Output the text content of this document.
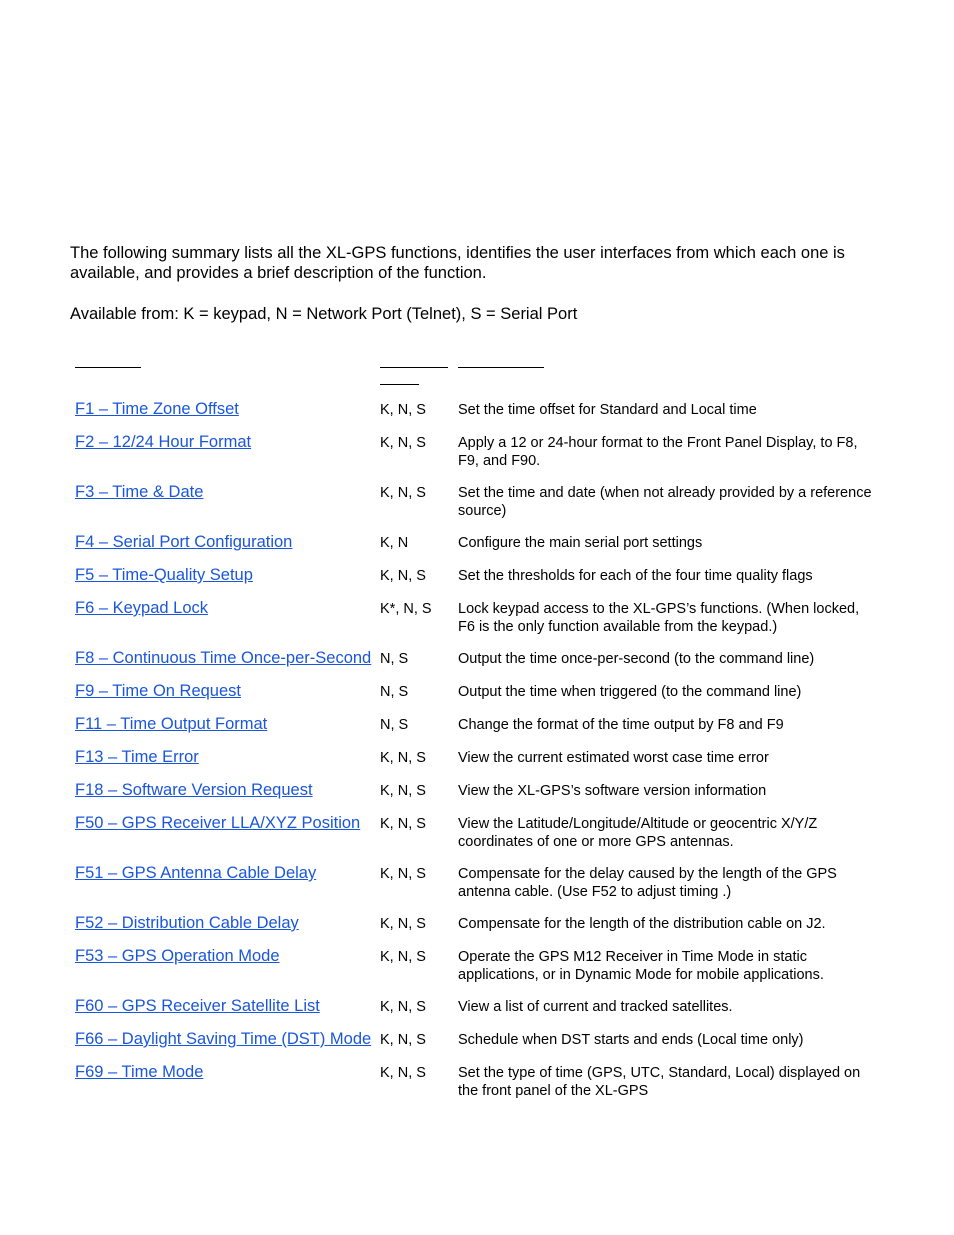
The following summary lists all the XL-GPS functions, identifies the user interfaces from which each one is available, and provides a brief description of the function.

Available from: K = keypad, N = Network Port (Telnet), S = Serial Port

F1 – Time Zone Offset	K, N, S	Set the time offset for Standard and Local time

F2 – 12/24 Hour Format	K, N, S	Apply a 12 or 24-hour format to the Front Panel Display, to F8, F9, and F90.

F3 – Time & Date	K, N, S	Set the time and date (when not already provided by a reference source)

F4 – Serial Port Configuration	K, N	Configure the main serial port settings

F5 – Time-Quality Setup	K, N, S	Set the thresholds for each of the four time quality flags

F6 – Keypad Lock	K*, N, S	Lock keypad access to the XL-GPS’s functions. (When locked, F6 is the only function available from the keypad.)

F8 – Continuous Time Once-per-Second	N, S	Output the time once-per-second (to the command line)

F9 – Time On Request	N, S	Output the time when triggered (to the command line)

F11 – Time Output Format	N, S	Change the format of the time output by F8 and F9

F13 – Time Error	K, N, S	View the current estimated worst case time error

F18 – Software Version Request	K, N, S	View the XL-GPS’s software version information

F50 – GPS Receiver LLA/XYZ Position	K, N, S	View the Latitude/Longitude/Altitude or geocentric X/Y/Z coordinates of one or more GPS antennas.

F51 – GPS Antenna Cable Delay	K, N, S	Compensate for the delay caused by the length of the GPS antenna cable. (Use F52 to adjust timing .)

F52 – Distribution Cable Delay	K, N, S	Compensate for the length of the distribution cable on J2.

F53 – GPS Operation Mode	K, N, S	Operate the GPS M12 Receiver in Time Mode in static applications, or in Dynamic Mode for mobile applications.

F60 – GPS Receiver Satellite List	K, N, S	View a list of current and tracked satellites.

F66 – Daylight Saving Time (DST) Mode	K, N, S	Schedule when DST starts and ends (Local time only)

F69 – Time Mode	K, N, S	Set the type of time (GPS, UTC, Standard, Local) displayed on the front panel of the XL-GPS
